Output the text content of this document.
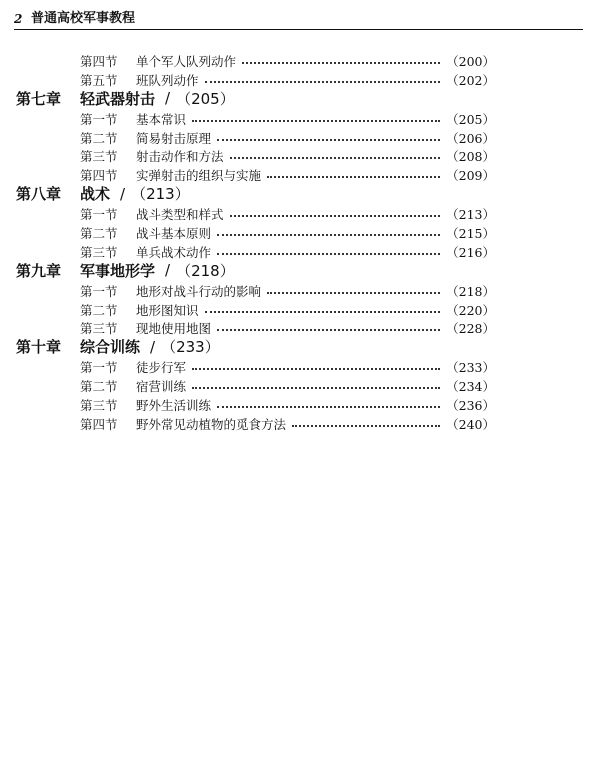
2 普通高校军事教程
第四节	单个军人队列动作	（200）
第五节	班队列动作	（202）
第七章	轻武器射击 / （205）
第一节	基本常识	（205）
第二节	简易射击原理	（206）
第三节	射击动作和方法	（208）
第四节	实弹射击的组织与实施	（209）
第八章	战术 / （213）
第一节	战斗类型和样式	（213）
第二节	战斗基本原则	（215）
第三节	单兵战术动作	（216）
第九章	军事地形学 / （218）
第一节	地形对战斗行动的影响	（218）
第二节	地形图知识	（220）
第三节	现地使用地图	（228）
第十章	综合训练 / （233）
第一节	徒步行军	（233）
第二节	宿营训练	（234）
第三节	野外生活训练	（236）
第四节	野外常见动植物的觅食方法	（240）
